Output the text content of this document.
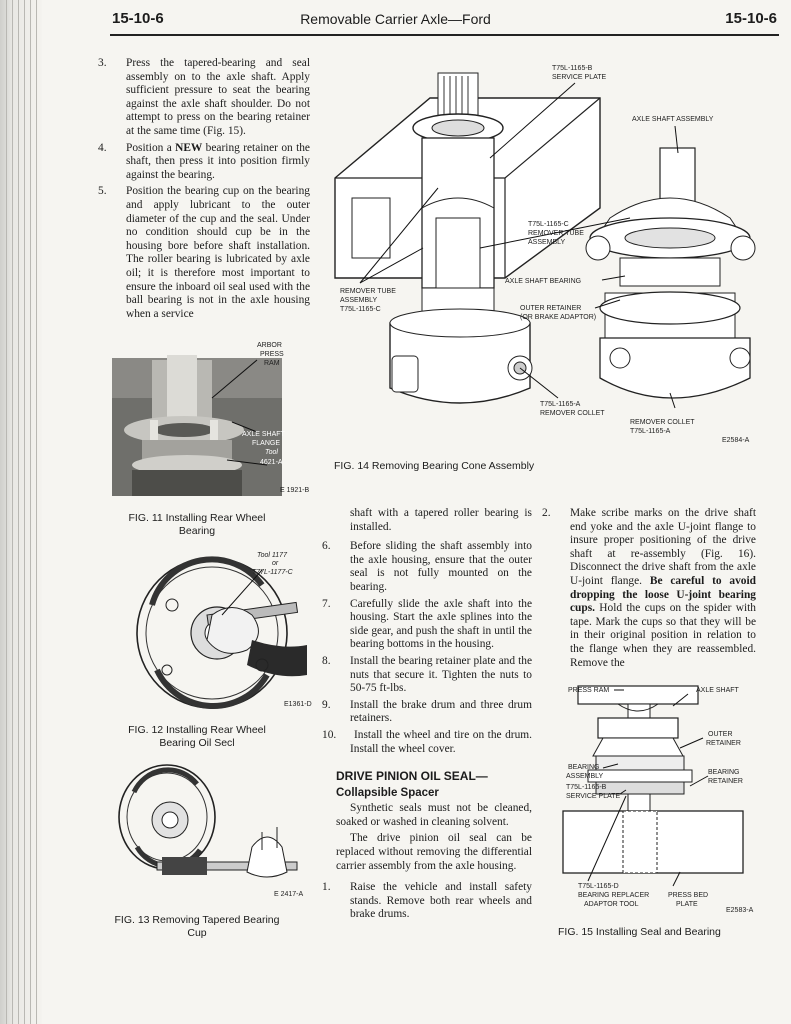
15-10-6	Removable Carrier Axle—Ford	15-10-6

3. Press the tapered-bearing and seal assembly on to the axle shaft. Apply sufficient pressure to seat the bearing against the axle shaft shoulder. Do not attempt to press on the bearing retainer at the same time (Fig. 15).

4. Position a NEW bearing retainer on the shaft, then press it into position firmly against the bearing.

5. Position the bearing cup on the bearing and apply lubricant to the outer diameter of the cup and the seal. Under no condition should cup be in the housing bore before shaft installation. The roller bearing is lubricated by axle oil; it is therefore most important to ensure the inboard oil seal used with the ball bearing is not in the axle housing when a service

ARBOR
PRESS
RAM
AXLE SHAFT
FLANGE
Tool
4621-A
E 1921-B
FIG. 11 Installing Rear Wheel Bearing
Tool 1177
or
T77L-1177-C
E1361-D
FIG. 12 Installing Rear Wheel Bearing Oil Secl
E 2417-A
FIG. 13 Removing Tapered Bearing Cup
T75L-1165-B
SERVICE PLATE
AXLE SHAFT ASSEMBLY
T75L-1165-C
REMOVER TUBE
ASSEMBLY
AXLE SHAFT BEARING
REMOVER TUBE
ASSEMBLY
T75L-1165-C	OUTER RETAINER
(OR BRAKE ADAPTOR)
T75L-1165-A
REMOVER COLLET
REMOVER COLLET
T75L-1165-A
E2584-A
FIG. 14 Removing Bearing Cone Assembly

shaft with a tapered roller bearing is installed.

6. Before sliding the shaft assembly into the axle housing, ensure that the outer seal is not fully mounted on the bearing.

7. Carefully slide the axle shaft into the housing. Start the axle splines into the side gear, and push the shaft in until the bearing bottoms in the housing.

8. Install the bearing retainer plate and the nuts that secure it. Tighten the nuts to 50-75 ft-lbs.

9. Install the brake drum and three drum retainers.

10. Install the wheel and tire on the drum. Install the wheel cover.

DRIVE PINION OIL SEAL—
Collapsible Spacer

Synthetic seals must not be cleaned, soaked or washed in cleaning solvent.

The drive pinion oil seal can be replaced without removing the differential carrier assembly from the axle housing.

1. Raise the vehicle and install safety stands. Remove both rear wheels and brake drums.

2. Make scribe marks on the drive shaft end yoke and the axle U-joint flange to insure proper positioning of the drive shaft at re-assembly (Fig. 16). Disconnect the drive shaft from the axle U-joint flange. Be careful to avoid dropping the loose U-joint bearing cups. Hold the cups on the spider with tape. Mark the cups so that they will be in their original position in relation to the flange when they are reassembled. Remove the

PRESS RAM	AXLE SHAFT
OUTER
RETAINER
BEARING
ASSEMBLY
BEARING
RETAINER
T75L-1165-B
SERVICE PLATE
T75L-1165-D
BEARING REPLACER
ADAPTOR TOOL
PRESS BED
PLATE
E2583-A
FIG. 15 Installing Seal and Bearing
